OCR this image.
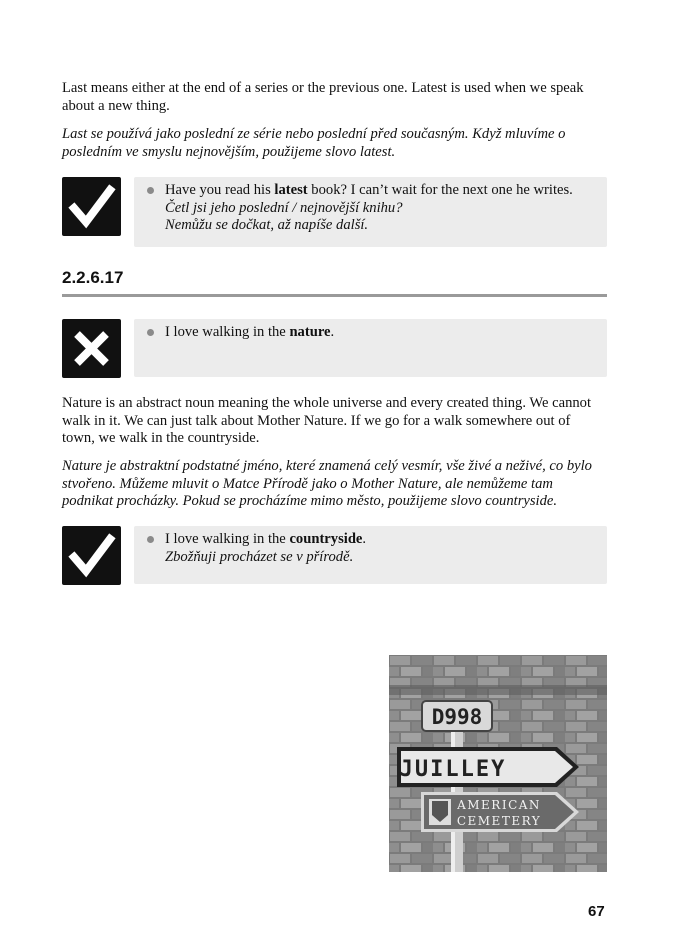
Last means either at the end of a series or the previous one. Latest is used when we speak
about a new thing.

Last se používá jako poslední ze série nebo poslední před současným. Když mluvíme o
posledním ve smyslu nejnovějším, použijeme slovo latest.

Have you read his latest book? I can’t wait for the next one he writes.
Četl jsi jeho poslední / nejnovější knihu?
Nemůžu se dočkat, až napíše další.
2.2.6.17
I love walking in the nature.

Nature is an abstract noun meaning the whole universe and every created thing. We cannot
walk in it. We can just talk about Mother Nature. If we go for a walk somewhere out of
town, we walk in the countryside.

Nature je abstraktní podstatné jméno, které znamená celý vesmír, vše živé a neživé, co bylo
stvořeno. Můžeme mluvit o Matce Přírodě jako o Mother Nature, ale nemůžeme tam
podnikat procházky. Pokud se procházíme mimo město, použijeme slovo countryside.

I love walking in the countryside.
Zbožňuji procházet se v přírodě.
D998
JUILLEY
AMERICAN
CEMETERY
67
